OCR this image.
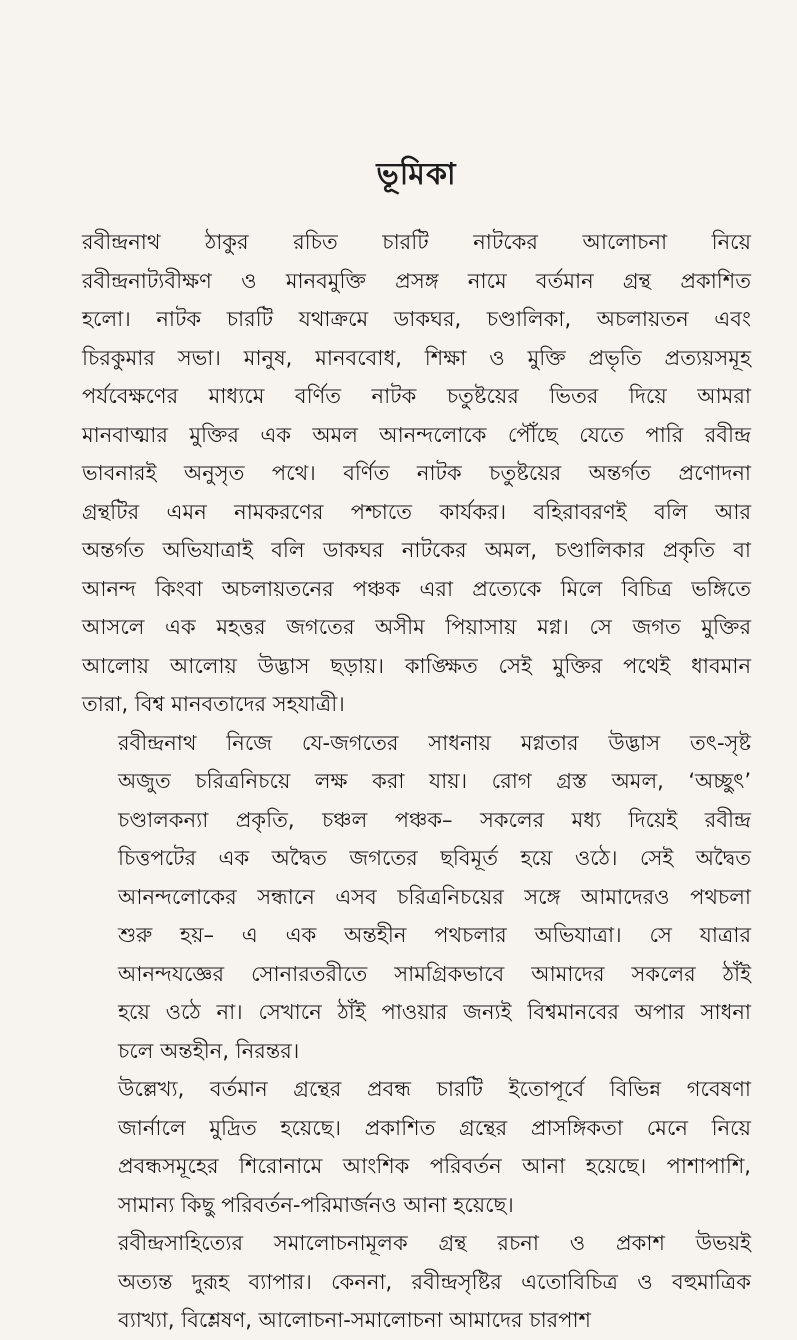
ভূমিকা

রবীন্দ্রনাথ ঠাকুর রচিত চারটি নাটকের আলোচনা নিয়ে
রবীন্দ্রনাট্যবীক্ষণ ও মানবমুক্তি প্রসঙ্গ নামে বর্তমান গ্রন্থ প্রকাশিত
হলো। নাটক চারটি যথাক্রমে ডাকঘর, চণ্ডালিকা, অচলায়তন এবং
চিরকুমার সভা। মানুষ, মানববোধ, শিক্ষা ও মুক্তি প্রভৃতি প্রত্যয়সমূহ
পর্যবেক্ষণের মাধ্যমে বর্ণিত নাটক চতুষ্টয়ের ভিতর দিয়ে আমরা
মানবাত্মার মুক্তির এক অমল আনন্দলোকে পৌঁছে যেতে পারি রবীন্দ্র
ভাবনারই অনুসৃত পথে। বর্ণিত নাটক চতুষ্টয়ের অন্তর্গত প্রণোদনা
গ্রন্থটির এমন নামকরণের পশ্চাতে কার্যকর। বহিরাবরণই বলি আর
অন্তর্গত অভিযাত্রাই বলি ডাকঘর নাটকের অমল, চণ্ডালিকার প্রকৃতি বা
আনন্দ কিংবা অচলায়তনের পঞ্চক এরা প্রত্যেকে মিলে বিচিত্র ভঙ্গিতে
আসলে এক মহত্তর জগতের অসীম পিয়াসায় মগ্ন। সে জগত মুক্তির
আলোয় আলোয় উদ্ভাস ছড়ায়। কাঙ্ক্ষিত সেই মুক্তির পথেই ধাবমান
তারা, বিশ্ব মানবতাদের সহযাত্রী।

রবীন্দ্রনাথ নিজে যে-জগতের সাধনায় মগ্নতার উদ্ভাস তৎ-সৃষ্ট
অজুত চরিত্রনিচয়ে লক্ষ করা যায়। রোগ গ্রস্ত অমল, ‘অচ্ছুৎ’
চণ্ডালকন্যা প্রকৃতি, চঞ্চল পঞ্চক– সকলের মধ্য দিয়েই রবীন্দ্র
চিত্তপটের এক অদ্বৈত জগতের ছবিমূর্ত হয়ে ওঠে। সেই অদ্বৈত
আনন্দলোকের সন্ধানে এসব চরিত্রনিচয়ের সঙ্গে আমাদেরও পথচলা
শুরু হয়– এ এক অন্তহীন পথচলার অভিযাত্রা। সে যাত্রার
আনন্দযজ্ঞের সোনারতরীতে সামগ্রিকভাবে আমাদের সকলের ঠাঁই
হয়ে ওঠে না। সেখানে ঠাঁই পাওয়ার জন্যই বিশ্বমানবের অপার সাধনা
চলে অন্তহীন, নিরন্তর।

উল্লেখ্য, বর্তমান গ্রন্থের প্রবন্ধ চারটি ইতোপূর্বে বিভিন্ন গবেষণা
জার্নালে মুদ্রিত হয়েছে। প্রকাশিত গ্রন্থের প্রাসঙ্গিকতা মেনে নিয়ে
প্রবন্ধসমূহের শিরোনামে আংশিক পরিবর্তন আনা হয়েছে। পাশাপাশি,
সামান্য কিছু পরিবর্তন-পরিমার্জনও আনা হয়েছে।

রবীন্দ্রসাহিত্যের সমালোচনামূলক গ্রন্থ রচনা ও প্রকাশ উভয়ই
অত্যন্ত দুরূহ ব্যাপার। কেননা, রবীন্দ্রসৃষ্টির এতোবিচিত্র ও বহুমাত্রিক
ব্যাখ্যা, বিশ্লেষণ, আলোচনা-সমালোচনা আমাদের চারপাশ
